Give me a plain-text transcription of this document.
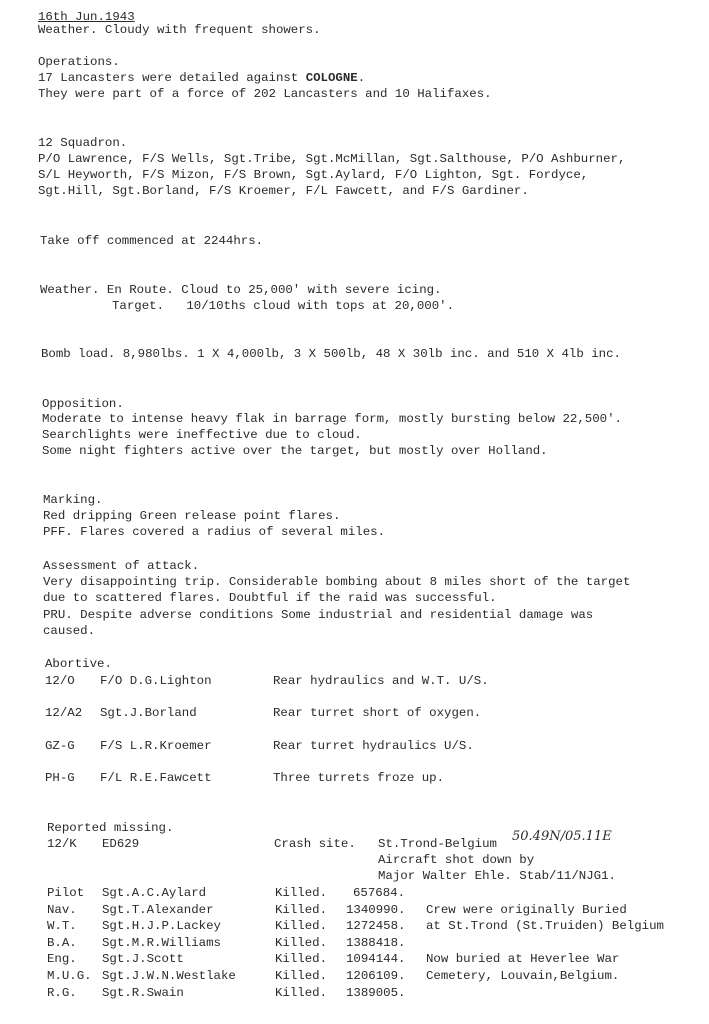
16th Jun.1943
Weather. Cloudy with frequent showers.
Operations.
17 Lancasters were detailed against COLOGNE.
They were part of a force of 202 Lancasters and 10 Halifaxes.
12 Squadron.
P/O Lawrence, F/S Wells, Sgt.Tribe, Sgt.McMillan, Sgt.Salthouse, P/O Ashburner,
S/L Heyworth, F/S Mizon, F/S Brown, Sgt.Aylard, F/O Lighton, Sgt. Fordyce,
Sgt.Hill, Sgt.Borland, F/S Kroemer, F/L Fawcett, and F/S Gardiner.
Take off commenced at 2244hrs.
Weather. En Route. Cloud to 25,000' with severe icing.
Target.   10/10ths cloud with tops at 20,000'.
Bomb load. 8,980lbs. 1 X 4,000lb, 3 X 500lb, 48 X 30lb inc. and 510 X 4lb inc.
Opposition.
Moderate to intense heavy flak in barrage form, mostly bursting below 22,500'.
Searchlights were ineffective due to cloud.
Some night fighters active over the target, but mostly over Holland.
Marking.
Red dripping Green release point flares.
PFF. Flares covered a radius of several miles.
Assessment of attack.
Very disappointing trip. Considerable bombing about 8 miles short of the target
due to scattered flares. Doubtful if the raid was successful.
PRU. Despite adverse conditions Some industrial and residential damage was
caused.
Abortive.
12/O F/O D.G.Lighton	Rear hydraulics and W.T. U/S.
12/A2 Sgt.J.Borland	Rear turret short of oxygen.
GZ-G F/S L.R.Kroemer	Rear turret hydraulics U/S.
PH-G F/L R.E.Fawcett	Three turrets froze up.
Reported missing.
12/K ED629	Crash site. St.Trond-Belgium 50.49N/05.11E
Aircraft shot down by
Major Walter Ehle. Stab/11/NJG1.
Pilot Sgt.A.C.Aylard	Killed. 657684.
Nav. Sgt.T.Alexander	Killed. 1340990. Crew were originally Buried
W.T. Sgt.H.J.P.Lackey	Killed. 1272458. at St.Trond (St.Truiden) Belgium
B.A. Sgt.M.R.Williams	Killed. 1388418.
Eng. Sgt.J.Scott	Killed. 1094144. Now buried at Heverlee War
M.U.G. Sgt.J.W.N.Westlake	Killed. 1206109. Cemetery, Louvain,Belgium.
R.G. Sgt.R.Swain	Killed. 1389005.
